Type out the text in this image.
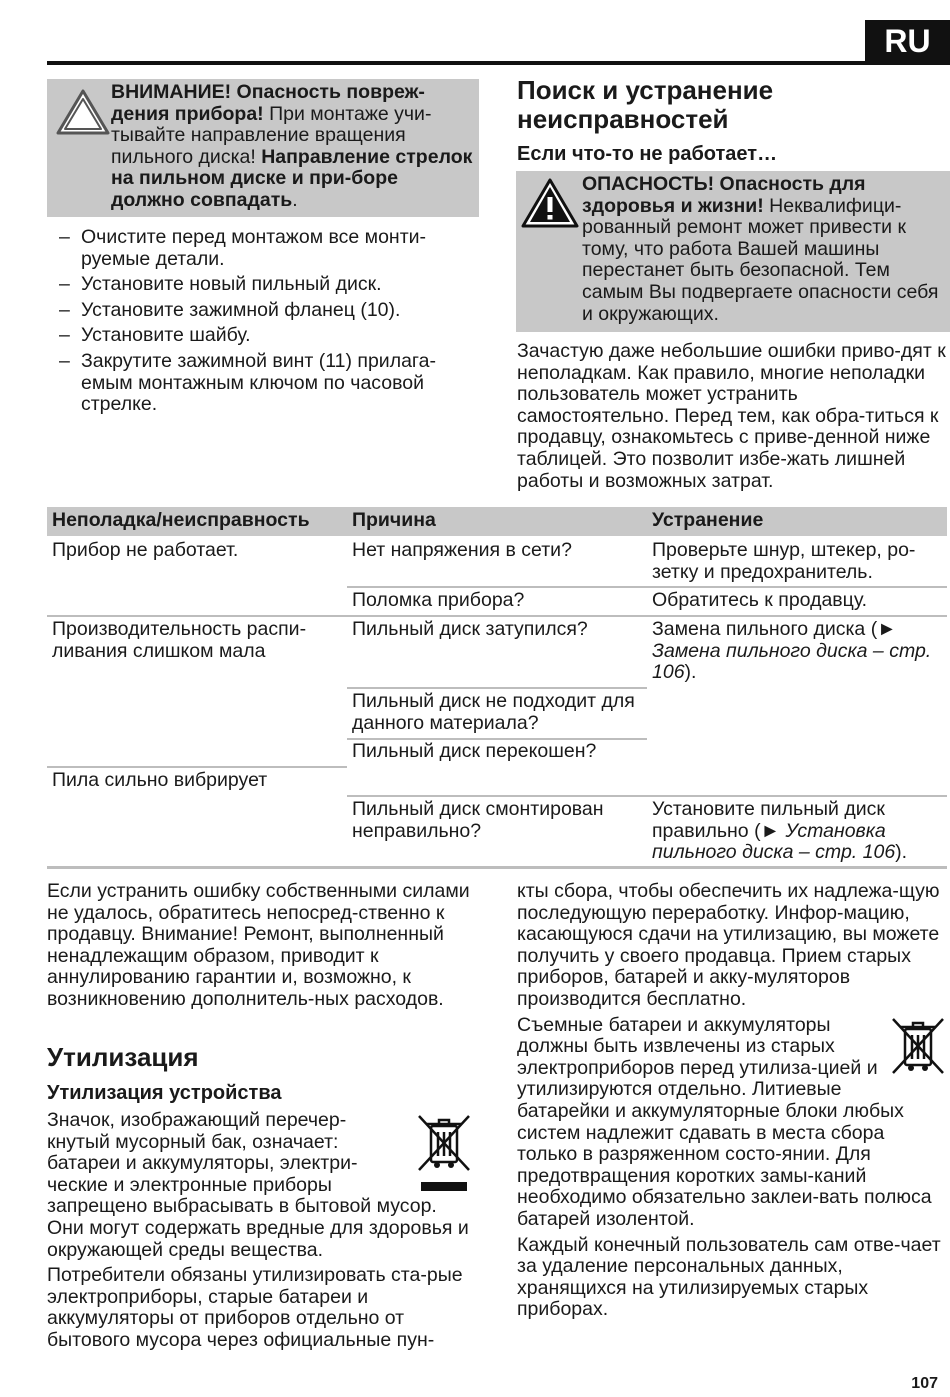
RU
ВНИМАНИЕ! Опасность повреж-дения прибора! При монтаже учи-тывайте направление вращения пильного диска! Направление стрелок на пильном диске и при-боре должно совпадать.
– Очистите перед монтажом все монти-руемые детали.
– Установите новый пильный диск.
– Установите зажимной фланец (10).
– Установите шайбу.
– Закрутите зажимной винт (11) прилага-емым монтажным ключом по часовой стрелке.
Поиск и устранение
неисправностей
Если что-то не работает…
ОПАСНОСТЬ! Опасность для здоровья и жизни! Неквалифици-рованный ремонт может привести к тому, что работа Вашей машины перестанет быть безопасной. Тем самым Вы подвергаете опасности себя и окружающих.

Зачастую даже небольшие ошибки приво-дят к неполадкам. Как правило, многие неполадки пользователь может устранить самостоятельно. Перед тем, как обра-титься к продавцу, ознакомьтесь с приве-денной ниже таблицей. Это позволит избе-жать лишней работы и возможных затрат.

Неполадка/неисправность Причина	Устранение
Прибор не работает.
Производительность распи-ливания слишком мала
Пила сильно вибрирует
Нет напряжения в сети?
Поломка прибора?
Пильный диск затупился?
Пильный диск не подходит для данного материала?
Пильный диск перекошен?
Пильный диск смонтирован неправильно?
Проверьте шнур, штекер, ро-зетку и предохранитель.
Обратитесь к продавцу.
Замена пильного диска (► Замена пильного диска – стр. 106).
Установите пильный диск правильно (► Установка пильного диска – стр. 106).

Если устранить ошибку собственными силами не удалось, обратитесь непосред-ственно к продавцу. Внимание! Ремонт, выполненный ненадлежащим образом, приводит к аннулированию гарантии и, возможно, к возникновению дополнитель-ных расходов.

Утилизация
Утилизация устройства

Значок, изображающий перечер-кнутый мусорный бак, означает: батареи и аккумуляторы, электри-ческие и электронные приборы запрещено выбрасывать в бытовой мусор. Они могут содержать вредные для здоровья и окружающей среды вещества.

Потребители обязаны утилизировать ста-рые электроприборы, старые батареи и аккумуляторы от приборов отдельно от бытового мусора через официальные пун-

кты сбора, чтобы обеспечить их надлежа-щую последующую переработку. Инфор-мацию, касающуюся сдачи на утилизацию, вы можете получить у своего продавца. Прием старых приборов, батарей и акку-муляторов производится бесплатно.

Съемные батареи и аккумуляторы должны быть извлечены из старых электроприборов перед утилиза-цией и утилизируются отдельно. Литиевые батарейки и аккумуляторные блоки любых систем надлежит сдавать в места сбора только в разряженном состо-янии. Для предотвращения коротких замы-каний необходимо обязательно заклеи-вать полюса батарей изолентой.

Каждый конечный пользователь сам отве-чает за удаление персональных данных, хранящихся на утилизируемых старых приборах.

107
